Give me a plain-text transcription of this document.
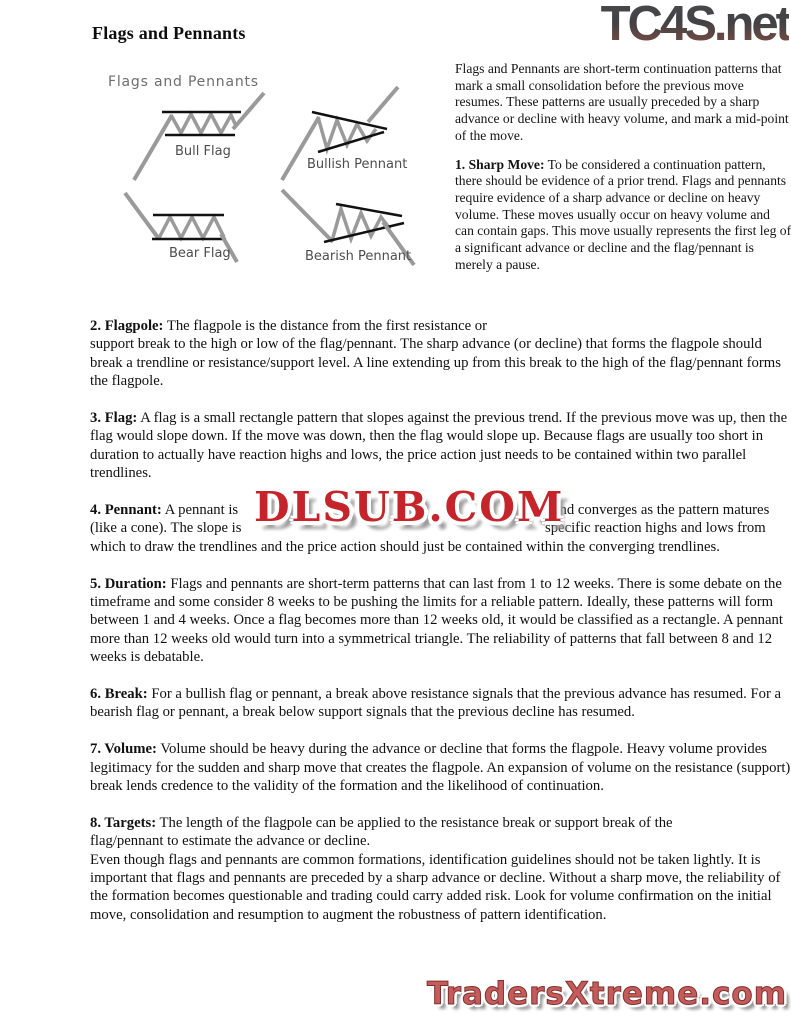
Flags and Pennants	TC4S.net
Flags and Pennants
Bull Flag
Bullish Pennant
Bear Flag	Bearish Pennant

Flags and Pennants are short-term continuation patterns that mark a small consolidation before the previous move resumes. These patterns are usually preceded by a sharp advance or decline with heavy volume, and mark a mid-point of the move.

1. Sharp Move: To be considered a continuation pattern, there should be evidence of a prior trend. Flags and pennants require evidence of a sharp advance or decline on heavy volume. These moves usually occur on heavy volume and can contain gaps. This move usually represents the first leg of a significant advance or decline and the flag/pennant is merely a pause.

2. Flagpole: The flagpole is the distance from the first resistance or
support break to the high or low of the flag/pennant. The sharp advance (or decline) that forms the flagpole should break a trendline or resistance/support level. A line extending up from this break to the high of the flag/pennant forms the flagpole.

3. Flag: A flag is a small rectangle pattern that slopes against the previous trend. If the previous move was up, then the flag would slope down. If the move was down, then the flag would slope up. Because flags are usually too short in duration to actually have reaction highs and lows, the price action just needs to be contained within two parallel trendlines.

4. Pennant: A pennant is	and converges as the pattern matures
(like a cone). The slope is	specific reaction highs and lows from
which to draw the trendlines and the price action should just be contained within the converging trendlines.
DLSUB.COM

5. Duration: Flags and pennants are short-term patterns that can last from 1 to 12 weeks. There is some debate on the timeframe and some consider 8 weeks to be pushing the limits for a reliable pattern. Ideally, these patterns will form between 1 and 4 weeks. Once a flag becomes more than 12 weeks old, it would be classified as a rectangle. A pennant more than 12 weeks old would turn into a symmetrical triangle. The reliability of patterns that fall between 8 and 12 weeks is debatable.

6. Break: For a bullish flag or pennant, a break above resistance signals that the previous advance has resumed. For a bearish flag or pennant, a break below support signals that the previous decline has resumed.

7. Volume: Volume should be heavy during the advance or decline that forms the flagpole. Heavy volume provides legitimacy for the sudden and sharp move that creates the flagpole. An expansion of volume on the resistance (support) break lends credence to the validity of the formation and the likelihood of continuation.

8. Targets: The length of the flagpole can be applied to the resistance break or support break of the
flag/pennant to estimate the advance or decline.
Even though flags and pennants are common formations, identification guidelines should not be taken lightly. It is important that flags and pennants are preceded by a sharp advance or decline. Without a sharp move, the reliability of the formation becomes questionable and trading could carry added risk. Look for volume confirmation on the initial move, consolidation and resumption to augment the robustness of pattern identification.

TradersXtreme.com
